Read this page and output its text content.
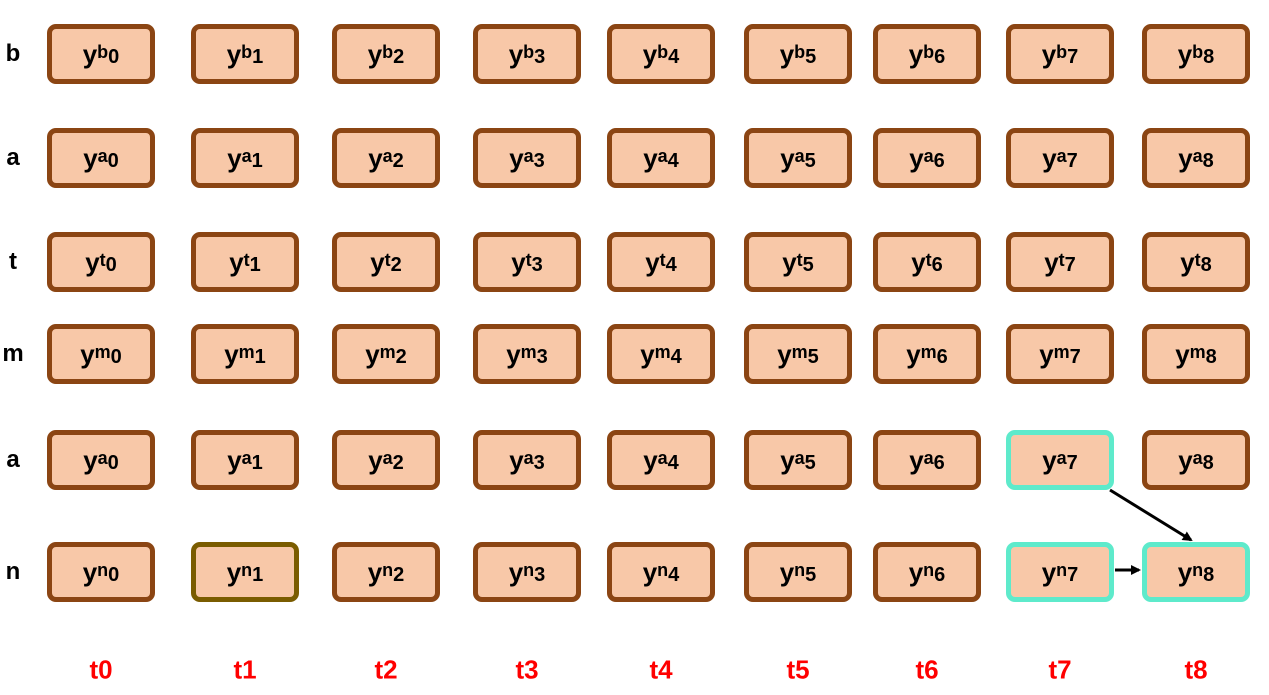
b
a
t
m
a
n
$y^b_0$	$y^b_1$	$y^b_2$	$y^b_3$	$y^b_4$	$y^b_5$	$y^b_6$	$y^b_7$	$y^b_8$
$y^a_0$	$y^a_1$	$y^a_2$	$y^a_3$	$y^a_4$	$y^a_5$	$y^a_6$	$y^a_7$	$y^a_8$
$y^t_0$	$y^t_1$	$y^t_2$	$y^t_3$	$y^t_4$	$y^t_5$	$y^t_6$	$y^t_7$	$y^t_8$
$y^m_0$	$y^m_1$	$y^m_2$	$y^m_3$	$y^m_4$	$y^m_5$	$y^m_6$	$y^m_7$	$y^m_8$
$y^a_0$	$y^a_1$	$y^a_2$	$y^a_3$	$y^a_4$	$y^a_5$	$y^a_6$	$y^a_7$	$y^a_8$
$y^n_0$	$y^n_1$	$y^n_2$	$y^n_3$	$y^n_4$	$y^n_5$	$y^n_6$	$y^n_7$	$y^n_8$
t0	t1	t2	t3	t4	t5	t6	t7	t8
